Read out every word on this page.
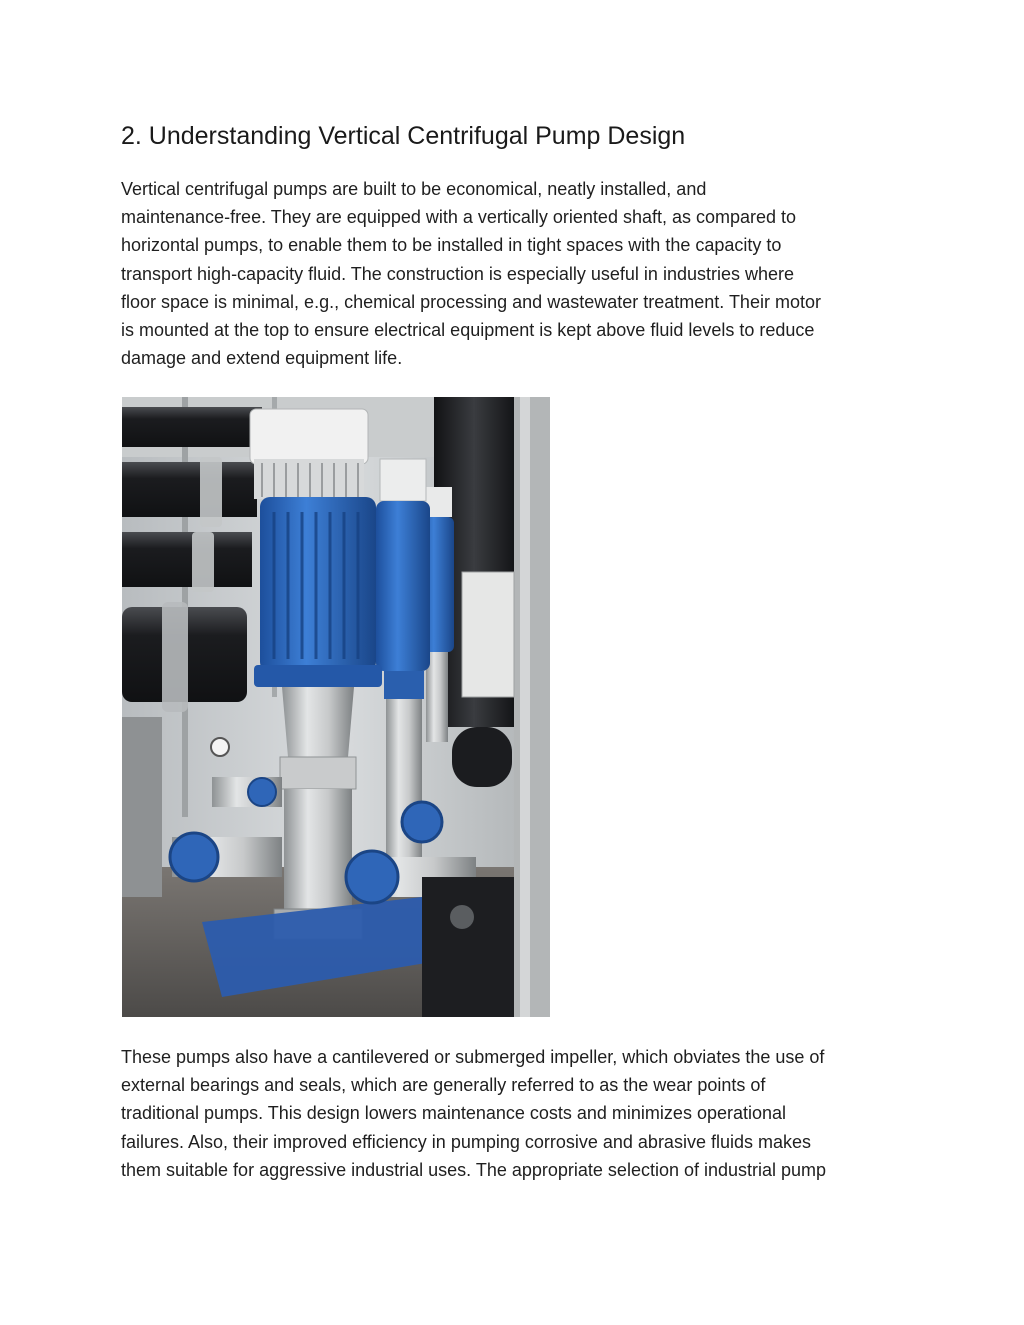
2. Understanding Vertical Centrifugal Pump Design

Vertical centrifugal pumps are built to be economical, neatly installed, and
maintenance-free. They are equipped with a vertically oriented shaft, as compared to
horizontal pumps, to enable them to be installed in tight spaces with the capacity to
transport high-capacity fluid. The construction is especially useful in industries where
floor space is minimal, e.g., chemical processing and wastewater treatment. Their motor
is mounted at the top to ensure electrical equipment is kept above fluid levels to reduce
damage and extend equipment life.

These pumps also have a cantilevered or submerged impeller, which obviates the use of
external bearings and seals, which are generally referred to as the wear points of
traditional pumps. This design lowers maintenance costs and minimizes operational
failures. Also, their improved efficiency in pumping corrosive and abrasive fluids makes
them suitable for aggressive industrial uses. The appropriate selection of industrial pump
